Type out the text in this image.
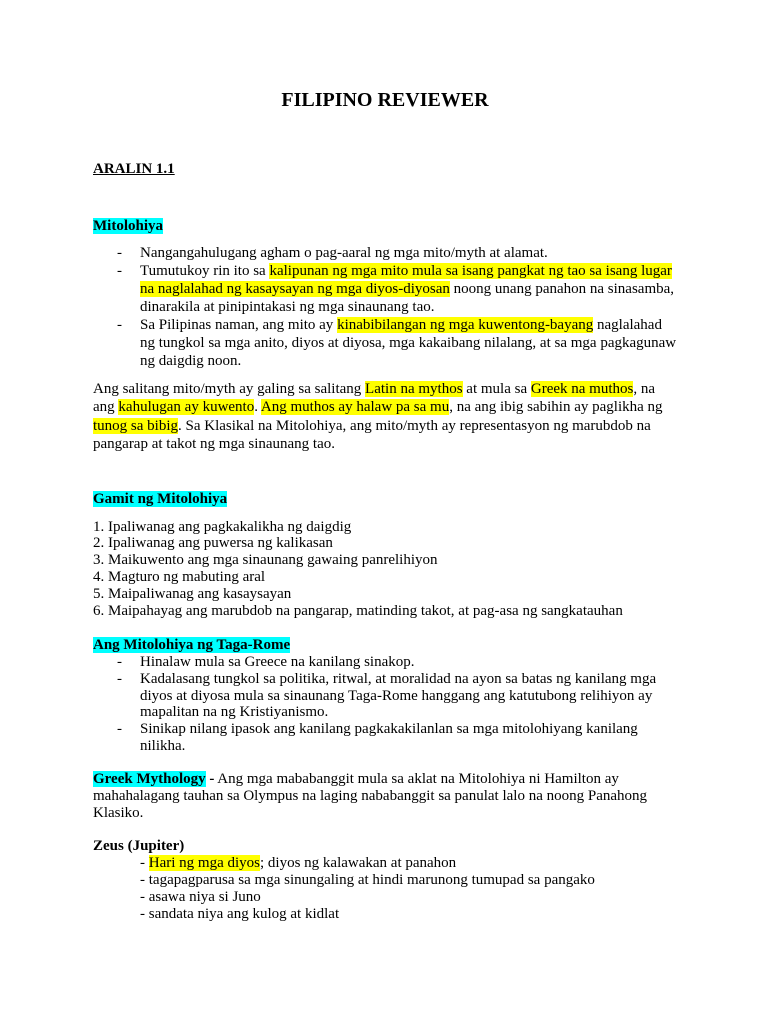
FILIPINO REVIEWER
ARALIN 1.1
Mitolohiya
- Nangangahulugang agham o pag-aaral ng mga mito/myth at alamat.
- Tumutukoy rin ito sa kalipunan ng mga mito mula sa isang pangkat ng tao sa isang lugar na naglalahad ng kasaysayan ng mga diyos-diyosan noong unang panahon na sinasamba, dinarakila at pinipintakasi ng mga sinaunang tao.
- Sa Pilipinas naman, ang mito ay kinabibilangan ng mga kuwentong-bayang naglalahad ng tungkol sa mga anito, diyos at diyosa, mga kakaibang nilalang, at sa mga pagkagunaw ng daigdig noon.

Ang salitang mito/myth ay galing sa salitang Latin na mythos at mula sa Greek na muthos, na ang kahulugan ay kuwento. Ang muthos ay halaw pa sa mu, na ang ibig sabihin ay paglikha ng tunog sa bibig. Sa Klasikal na Mitolohiya, ang mito/myth ay representasyon ng marubdob na pangarap at takot ng mga sinaunang tao.

Gamit ng Mitolohiya
1. Ipaliwanag ang pagkakalikha ng daigdig
2. Ipaliwanag ang puwersa ng kalikasan
3. Maikuwento ang mga sinaunang gawaing panrelihiyon
4. Magturo ng mabuting aral
5. Maipaliwanag ang kasaysayan
6. Maipahayag ang marubdob na pangarap, matinding takot, at pag-asa ng sangkatauhan
Ang Mitolohiya ng Taga-Rome
- Hinalaw mula sa Greece na kanilang sinakop.
- Kadalasang tungkol sa politika, ritwal, at moralidad na ayon sa batas ng kanilang mga diyos at diyosa mula sa sinaunang Taga-Rome hanggang ang katutubong relihiyon ay mapalitan na ng Kristiyanismo.
- Sinikap nilang ipasok ang kanilang pagkakakilanlan sa mga mitolohiyang kanilang nilikha.

Greek Mythology - Ang mga mababanggit mula sa aklat na Mitolohiya ni Hamilton ay mahahalagang tauhan sa Olympus na laging nababanggit sa panulat lalo na noong Panahong Klasiko.

Zeus (Jupiter)
- Hari ng mga diyos; diyos ng kalawakan at panahon
- tagapagparusa sa mga sinungaling at hindi marunong tumupad sa pangako
- asawa niya si Juno
- sandata niya ang kulog at kidlat
